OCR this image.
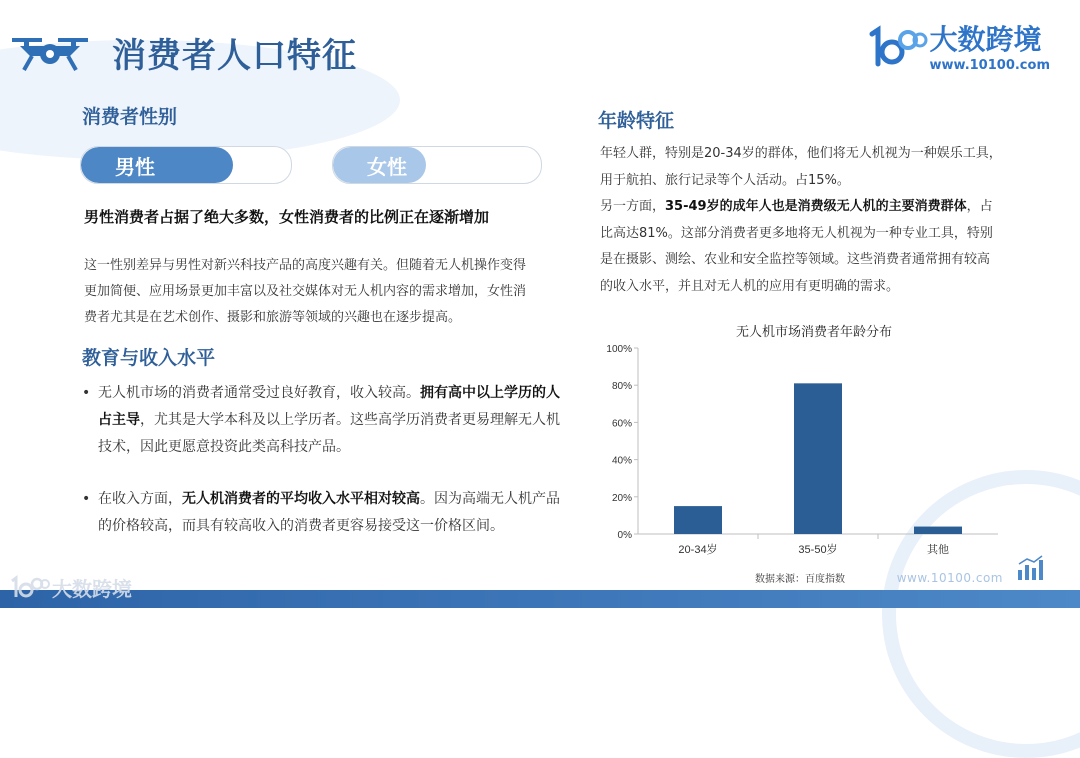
消费者人口特征	大数跨境
www.10100.com
消费者性别
男性	女性
男性消费者占据了绝大多数，女性消费者的比例正在逐渐增加
这一性别差异与男性对新兴科技产品的高度兴趣有关。但随着无人机操作变得
更加简便、应用场景更加丰富以及社交媒体对无人机内容的需求增加，女性消
费者尤其是在艺术创作、摄影和旅游等领域的兴趣也在逐步提高。
教育与收入水平
• 无人机市场的消费者通常受过良好教育，收入较高。拥有高中以上学历的人占主导，尤其是大学本科及以上学历者。这些高学历消费者更易理解无人机技术，因此更愿意投资此类高科技产品。
• 在收入方面，无人机消费者的平均收入水平相对较高。因为高端无人机产品的价格较高，而具有较高收入的消费者更容易接受这一价格区间。
年龄特征
年轻人群，特别是20-34岁的群体，他们将无人机视为一种娱乐工具，
用于航拍、旅行记录等个人活动。占15%。
另一方面，35-49岁的成年人也是消费级无人机的主要消费群体，占
比高达81%。这部分消费者更多地将无人机视为一种专业工具，特别
是在摄影、测绘、农业和安全监控等领域。这些消费者通常拥有较高
的收入水平，并且对无人机的应用有更明确的需求。
无人机市场消费者年龄分布
20-34岁	35-50岁	其他
0%
20%
40%
60%
80%
100%
数据来源：百度指数	www.10100.com
大数跨境
